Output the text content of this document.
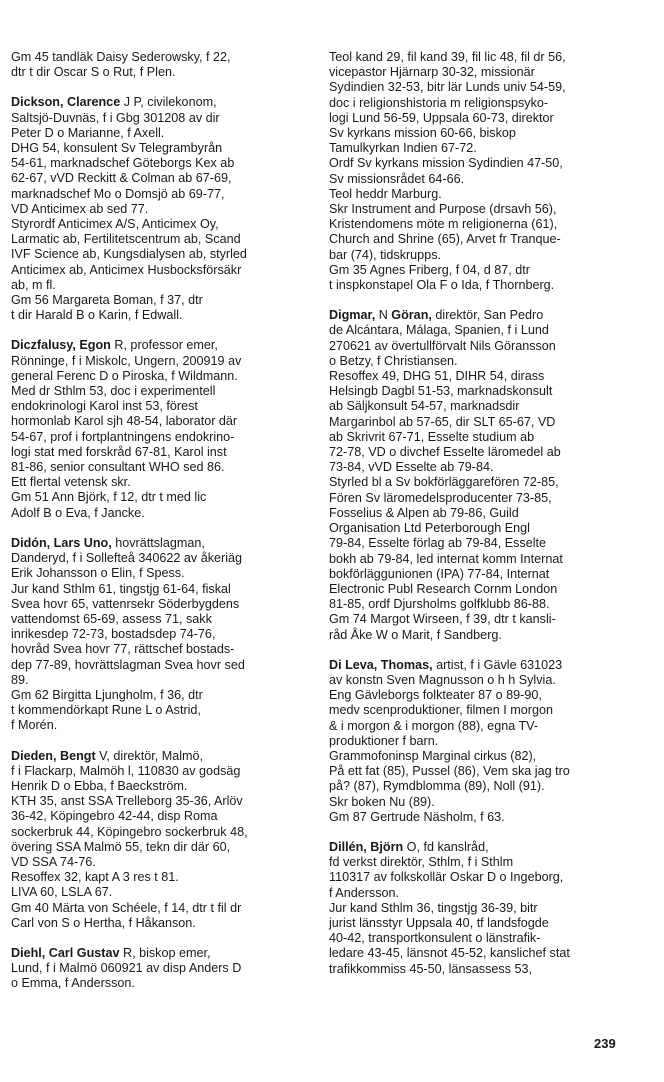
Gm 45 tandläk Daisy Sederowsky, f 22,
dtr t dir Oscar S o Rut, f Plen.
Dickson, Clarence J P, civilekonom,
Saltsjö-Duvnäs, f i Gbg 301208 av dir
Peter D o Marianne, f Axell.
DHG 54, konsulent Sv Telegrambyrån
54-61, marknadschef Göteborgs Kex ab
62-67, vVD Reckitt & Colman ab 67-69,
marknadschef Mo o Domsjö ab 69-77,
VD Anticimex ab sed 77.
Styrordf Anticimex A/S, Anticimex Oy,
Larmatic ab, Fertilitetscentrum ab, Scand
IVF Science ab, Kungsdialysen ab, styrled
Anticimex ab, Anticimex Husbocksförsäkr
ab, m fl.
Gm 56 Margareta Boman, f 37, dtr
t dir Harald B o Karin, f Edwall.
Diczfalusy, Egon R, professor emer,
Rönninge, f i Miskolc, Ungern, 200919 av
general Ferenc D o Piroska, f Wildmann.
Med dr Sthlm 53, doc i experimentell
endokrinologi Karol inst 53, förest
hormonlab Karol sjh 48-54, laborator där
54-67, prof i fortplantningens endokrino-
logi stat med forskråd 67-81, Karol inst
81-86, senior consultant WHO sed 86.
Ett flertal vetensk skr.
Gm 51 Ann Björk, f 12, dtr t med lic
Adolf B o Eva, f Jancke.
Didón, Lars Uno, hovrättslagman,
Danderyd, f i Sollefteå 340622 av åkeriäg
Erik Johansson o Elin, f Spess.
Jur kand Sthlm 61, tingstjg 61-64, fiskal
Svea hovr 65, vattenrsekr Söderbygdens
vattendomst 65-69, assess 71, sakk
inrikesdep 72-73, bostadsdep 74-76,
hovråd Svea hovr 77, rättschef bostads-
dep 77-89, hovrättslagman Svea hovr sed
89.
Gm 62 Birgitta Ljungholm, f 36, dtr
t kommendörkapt Rune L o Astrid,
f Morén.
Dieden, Bengt V, direktör, Malmö,
f i Flackarp, Malmöh l, 110830 av godsäg
Henrik D o Ebba, f Baeckström.
KTH 35, anst SSA Trelleborg 35-36, Arlöv
36-42, Köpingebro 42-44, disp Roma
sockerbruk 44, Köpingebro sockerbruk 48,
övering SSA Malmö 55, tekn dir där 60,
VD SSA 74-76.
Resoffex 32, kapt A 3 res t 81.
LIVA 60, LSLA 67.
Gm 40 Märta von Schéele, f 14, dtr t fil dr
Carl von S o Hertha, f Håkanson.
Diehl, Carl Gustav R, biskop emer,
Lund, f i Malmö 060921 av disp Anders D
o Emma, f Andersson.
Teol kand 29, fil kand 39, fil lic 48, fil dr 56,
vicepastor Hjärnarp 30-32, missionär
Sydindien 32-53, bitr lär Lunds univ 54-59,
doc i religionshistoria m religionspsyko-
logi Lund 56-59, Uppsala 60-73, direktor
Sv kyrkans mission 60-66, biskop
Tamulkyrkan Indien 67-72.
Ordf Sv kyrkans mission Sydindien 47-50,
Sv missionsrådet 64-66.
Teol heddr Marburg.
Skr Instrument and Purpose (drsavh 56),
Kristendomens möte m religionerna (61),
Church and Shrine (65), Arvet fr Tranque-
bar (74), tidskrupps.
Gm 35 Agnes Friberg, f 04, d 87, dtr
t inspkonstapel Ola F o Ida, f Thornberg.
Digmar, N Göran, direktör, San Pedro
de Alcántara, Málaga, Spanien, f i Lund
270621 av övertullförvalt Nils Göransson
o Betzy, f Christiansen.
Resoffex 49, DHG 51, DIHR 54, dirass
Helsingb Dagbl 51-53, marknadskonsult
ab Säljkonsult 54-57, marknadsdir
Margarinbol ab 57-65, dir SLT 65-67, VD
ab Skrivrit 67-71, Esselte studium ab
72-78, VD o divchef Esselte läromedel ab
73-84, vVD Esselte ab 79-84.
Styrled bl a Sv bokförläggarefören 72-85,
Fören Sv läromedelsproducenter 73-85,
Fosselius & Alpen ab 79-86, Guild
Organisation Ltd Peterborough Engl
79-84, Esselte förlag ab 79-84, Esselte
bokh ab 79-84, led internat komm Internat
bokförläggunionen (IPA) 77-84, Internat
Electronic Publ Research Cornm London
81-85, ordf Djursholms golfklubb 86-88.
Gm 74 Margot Wirseen, f 39, dtr t kansli-
råd Åke W o Marit, f Sandberg.
Di Leva, Thomas, artist, f i Gävle 631023
av konstn Sven Magnusson o h h Sylvia.
Eng Gävleborgs folkteater 87 o 89-90,
medv scenproduktioner, filmen I morgon
& i morgon & i morgon (88), egna TV-
produktioner f barn.
Grammofoninsp Marginal cirkus (82),
På ett fat (85), Pussel (86), Vem ska jag tro
på? (87), Rymdblomma (89), Noll (91).
Skr boken Nu (89).
Gm 87 Gertrude Näsholm, f 63.
Dillén, Björn O, fd kanslråd,
fd verkst direktör, Sthlm, f i Sthlm
110317 av folkskollär Oskar D o Ingeborg,
f Andersson.
Jur kand Sthlm 36, tingstjg 36-39, bitr
jurist länsstyr Uppsala 40, tf landsfogde
40-42, transportkonsulent o länstrafik-
ledare 43-45, länsnot 45-52, kanslichef stat
trafikkommiss 45-50, länsassess 53,
239
